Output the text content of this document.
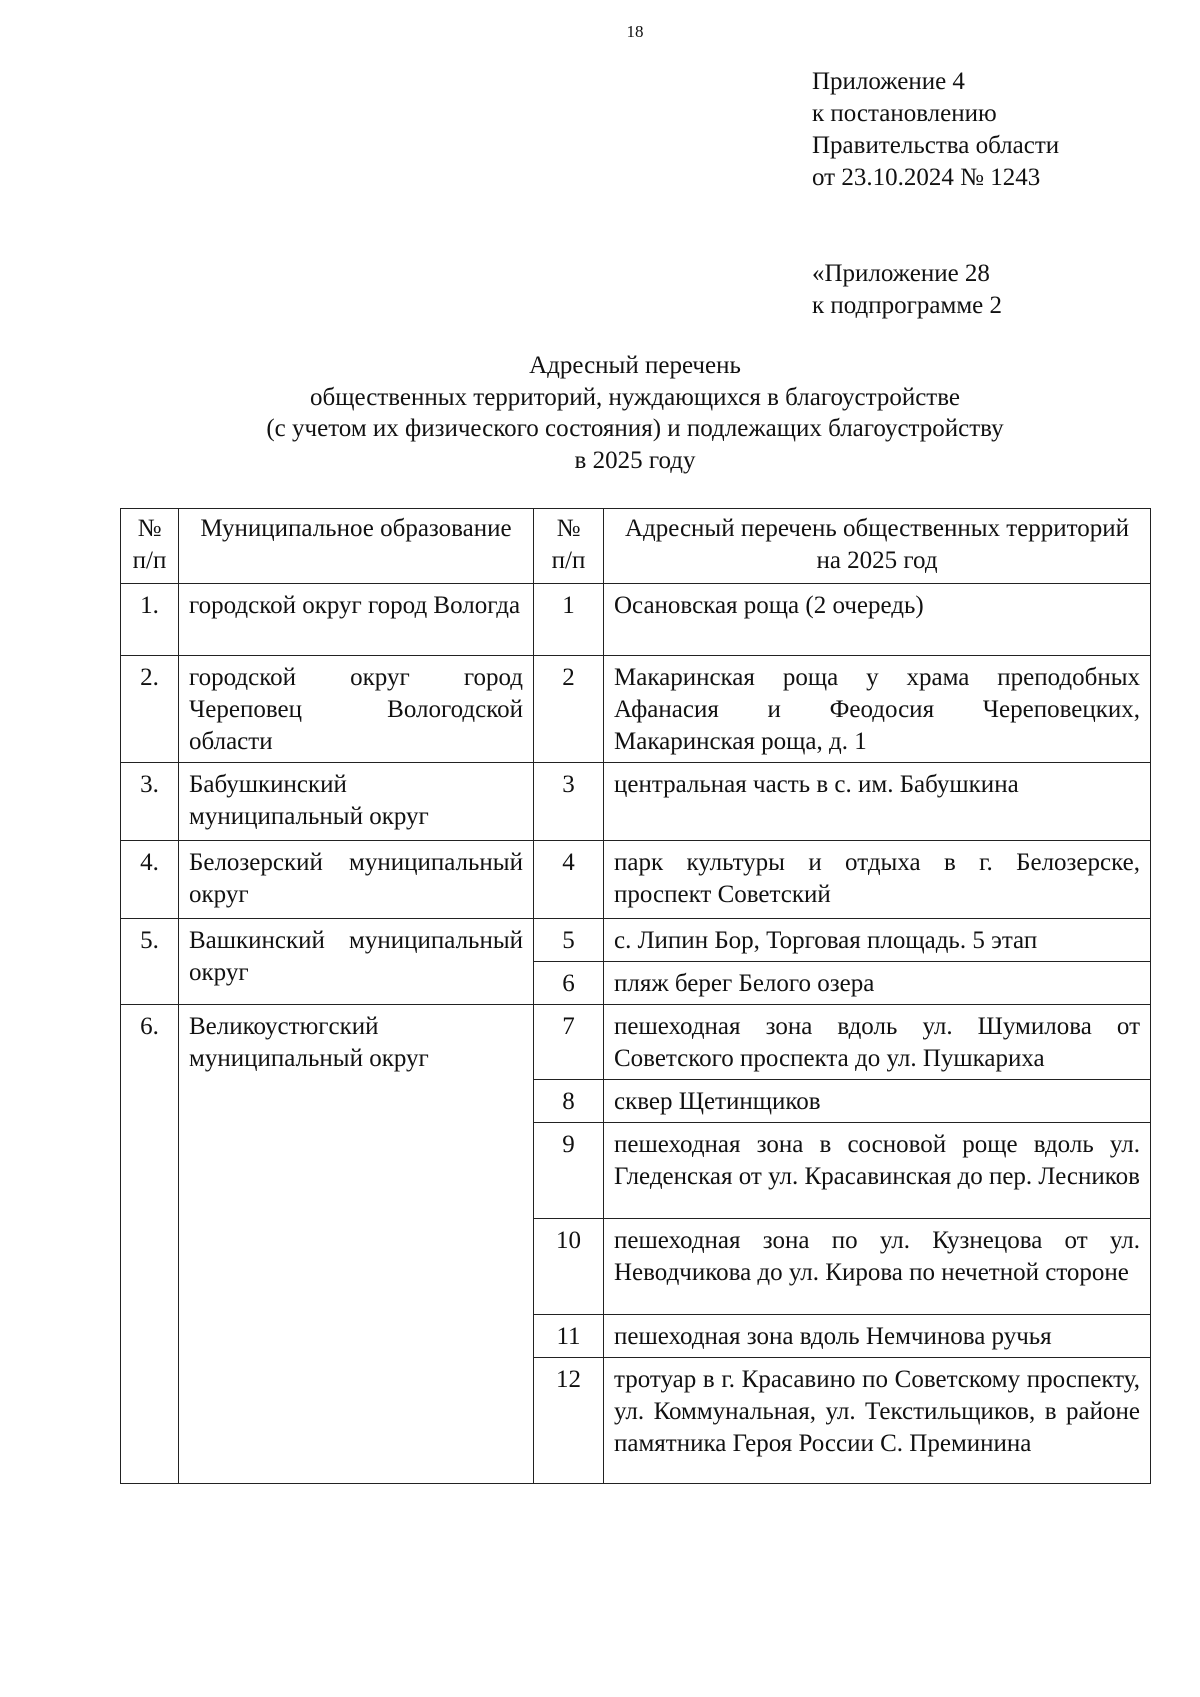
18
Приложение 4
к постановлению
Правительства области
от 23.10.2024 № 1243
«Приложение 28
к подпрограмме 2
Адресный перечень
общественных территорий, нуждающихся в благоустройстве
(с учетом их физического состояния) и подлежащих благоустройству
в 2025 году
№ п/п	Муниципальное образование	№ п/п	Адресный перечень общественных территорий на 2025 год
1.	городской округ город Вологда	1	Осановская роща (2 очередь)
2.	городской округ город Череповец Вологодской области	2	Макаринская роща у храма преподобных Афанасия и Феодосия Череповецких, Макаринская роща, д. 1
3.	Бабушкинский муниципальный округ	3	центральная часть в с. им. Бабушкина
4.	Белозерский муниципальный округ	4	парк культуры и отдыха в г. Белозерске, проспект Советский
5.	Вашкинский муниципальный округ	5	с. Липин Бор, Торговая площадь. 5 этап
		6	пляж берег Белого озера
6.	Великоустюгский муниципальный округ	7	пешеходная зона вдоль ул. Шумилова от Советского проспекта до ул. Пушкариха
		8	сквер Щетинщиков
		9	пешеходная зона в сосновой роще вдоль ул. Гледенская от ул. Красавинская до пер. Лесников
		10	пешеходная зона по ул. Кузнецова от ул. Неводчикова до ул. Кирова по нечетной стороне
		11	пешеходная зона вдоль Немчинова ручья
		12	тротуар в г. Красавино по Советскому проспекту, ул. Коммунальная, ул. Текстильщиков, в районе памятника Героя России С. Преминина
